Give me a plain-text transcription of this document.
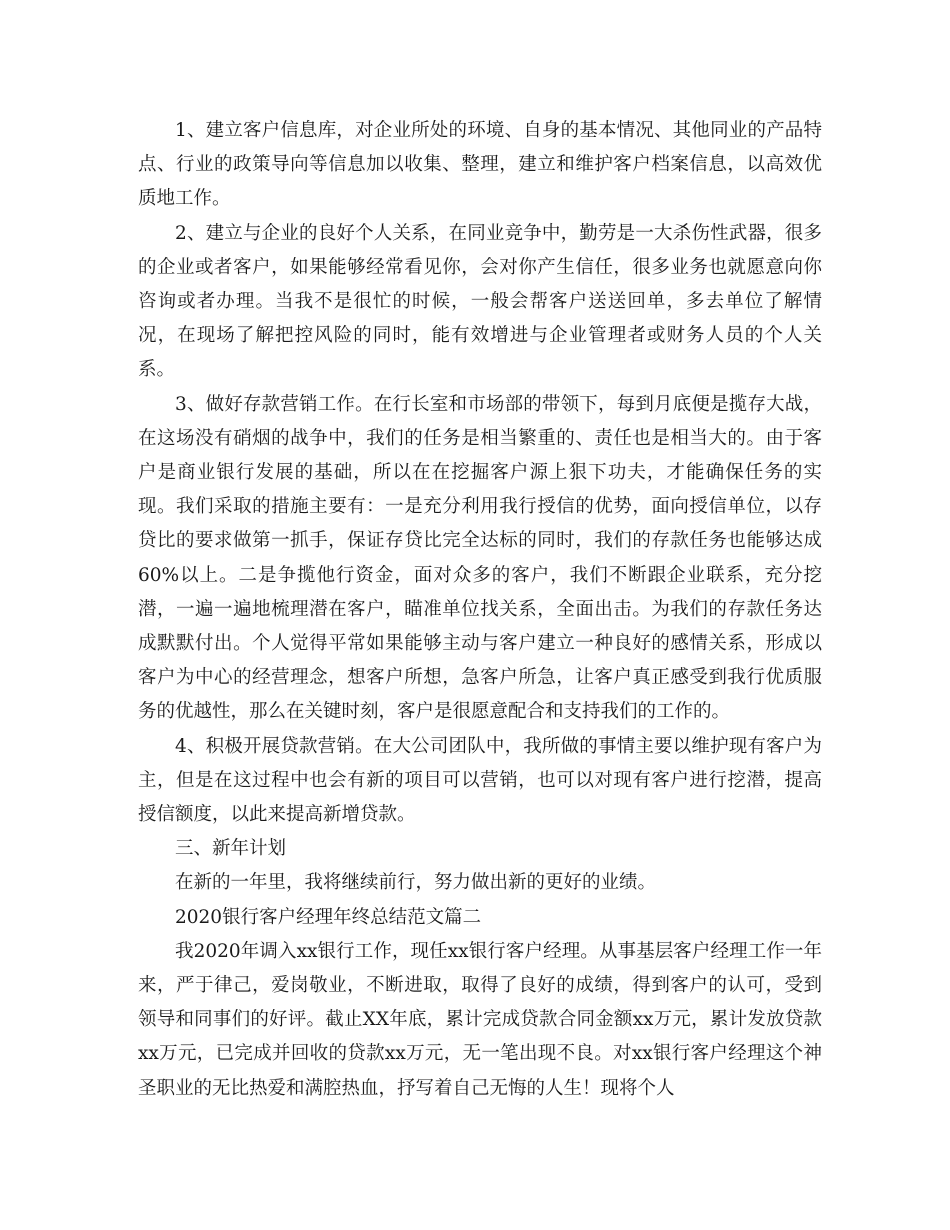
1、建立客户信息库，对企业所处的环境、自身的基本情况、其他同业的产品特点、行业的政策导向等信息加以收集、整理，建立和维护客户档案信息，以高效优质地工作。

2、建立与企业的良好个人关系，在同业竞争中，勤劳是一大杀伤性武器，很多的企业或者客户，如果能够经常看见你，会对你产生信任，很多业务也就愿意向你咨询或者办理。当我不是很忙的时候，一般会帮客户送送回单，多去单位了解情况，在现场了解把控风险的同时，能有效增进与企业管理者或财务人员的个人关系。

3、做好存款营销工作。在行长室和市场部的带领下，每到月底便是揽存大战，在这场没有硝烟的战争中，我们的任务是相当繁重的、责任也是相当大的。由于客户是商业银行发展的基础，所以在在挖掘客户源上狠下功夫，才能确保任务的实现。我们采取的措施主要有：一是充分利用我行授信的优势，面向授信单位，以存贷比的要求做第一抓手，保证存贷比完全达标的同时，我们的存款任务也能够达成60%以上。二是争揽他行资金，面对众多的客户，我们不断跟企业联系，充分挖潜，一遍一遍地梳理潜在客户，瞄准单位找关系，全面出击。为我们的存款任务达成默默付出。个人觉得平常如果能够主动与客户建立一种良好的感情关系，形成以客户为中心的经营理念，想客户所想，急客户所急，让客户真正感受到我行优质服务的优越性，那么在关键时刻，客户是很愿意配合和支持我们的工作的。

4、积极开展贷款营销。在大公司团队中，我所做的事情主要以维护现有客户为主，但是在这过程中也会有新的项目可以营销，也可以对现有客户进行挖潜，提高授信额度，以此来提高新增贷款。

三、新年计划

在新的一年里，我将继续前行，努力做出新的更好的业绩。

2020银行客户经理年终总结范文篇二

我2020年调入xx银行工作，现任xx银行客户经理。从事基层客户经理工作一年来，严于律己，爱岗敬业，不断进取，取得了良好的成绩，得到客户的认可，受到领导和同事们的好评。截止XX年底，累计完成贷款合同金额xx万元，累计发放贷款xx万元，已完成并回收的贷款xx万元，无一笔出现不良。对xx银行客户经理这个神圣职业的无比热爱和满腔热血，抒写着自己无悔的人生！现将个人
